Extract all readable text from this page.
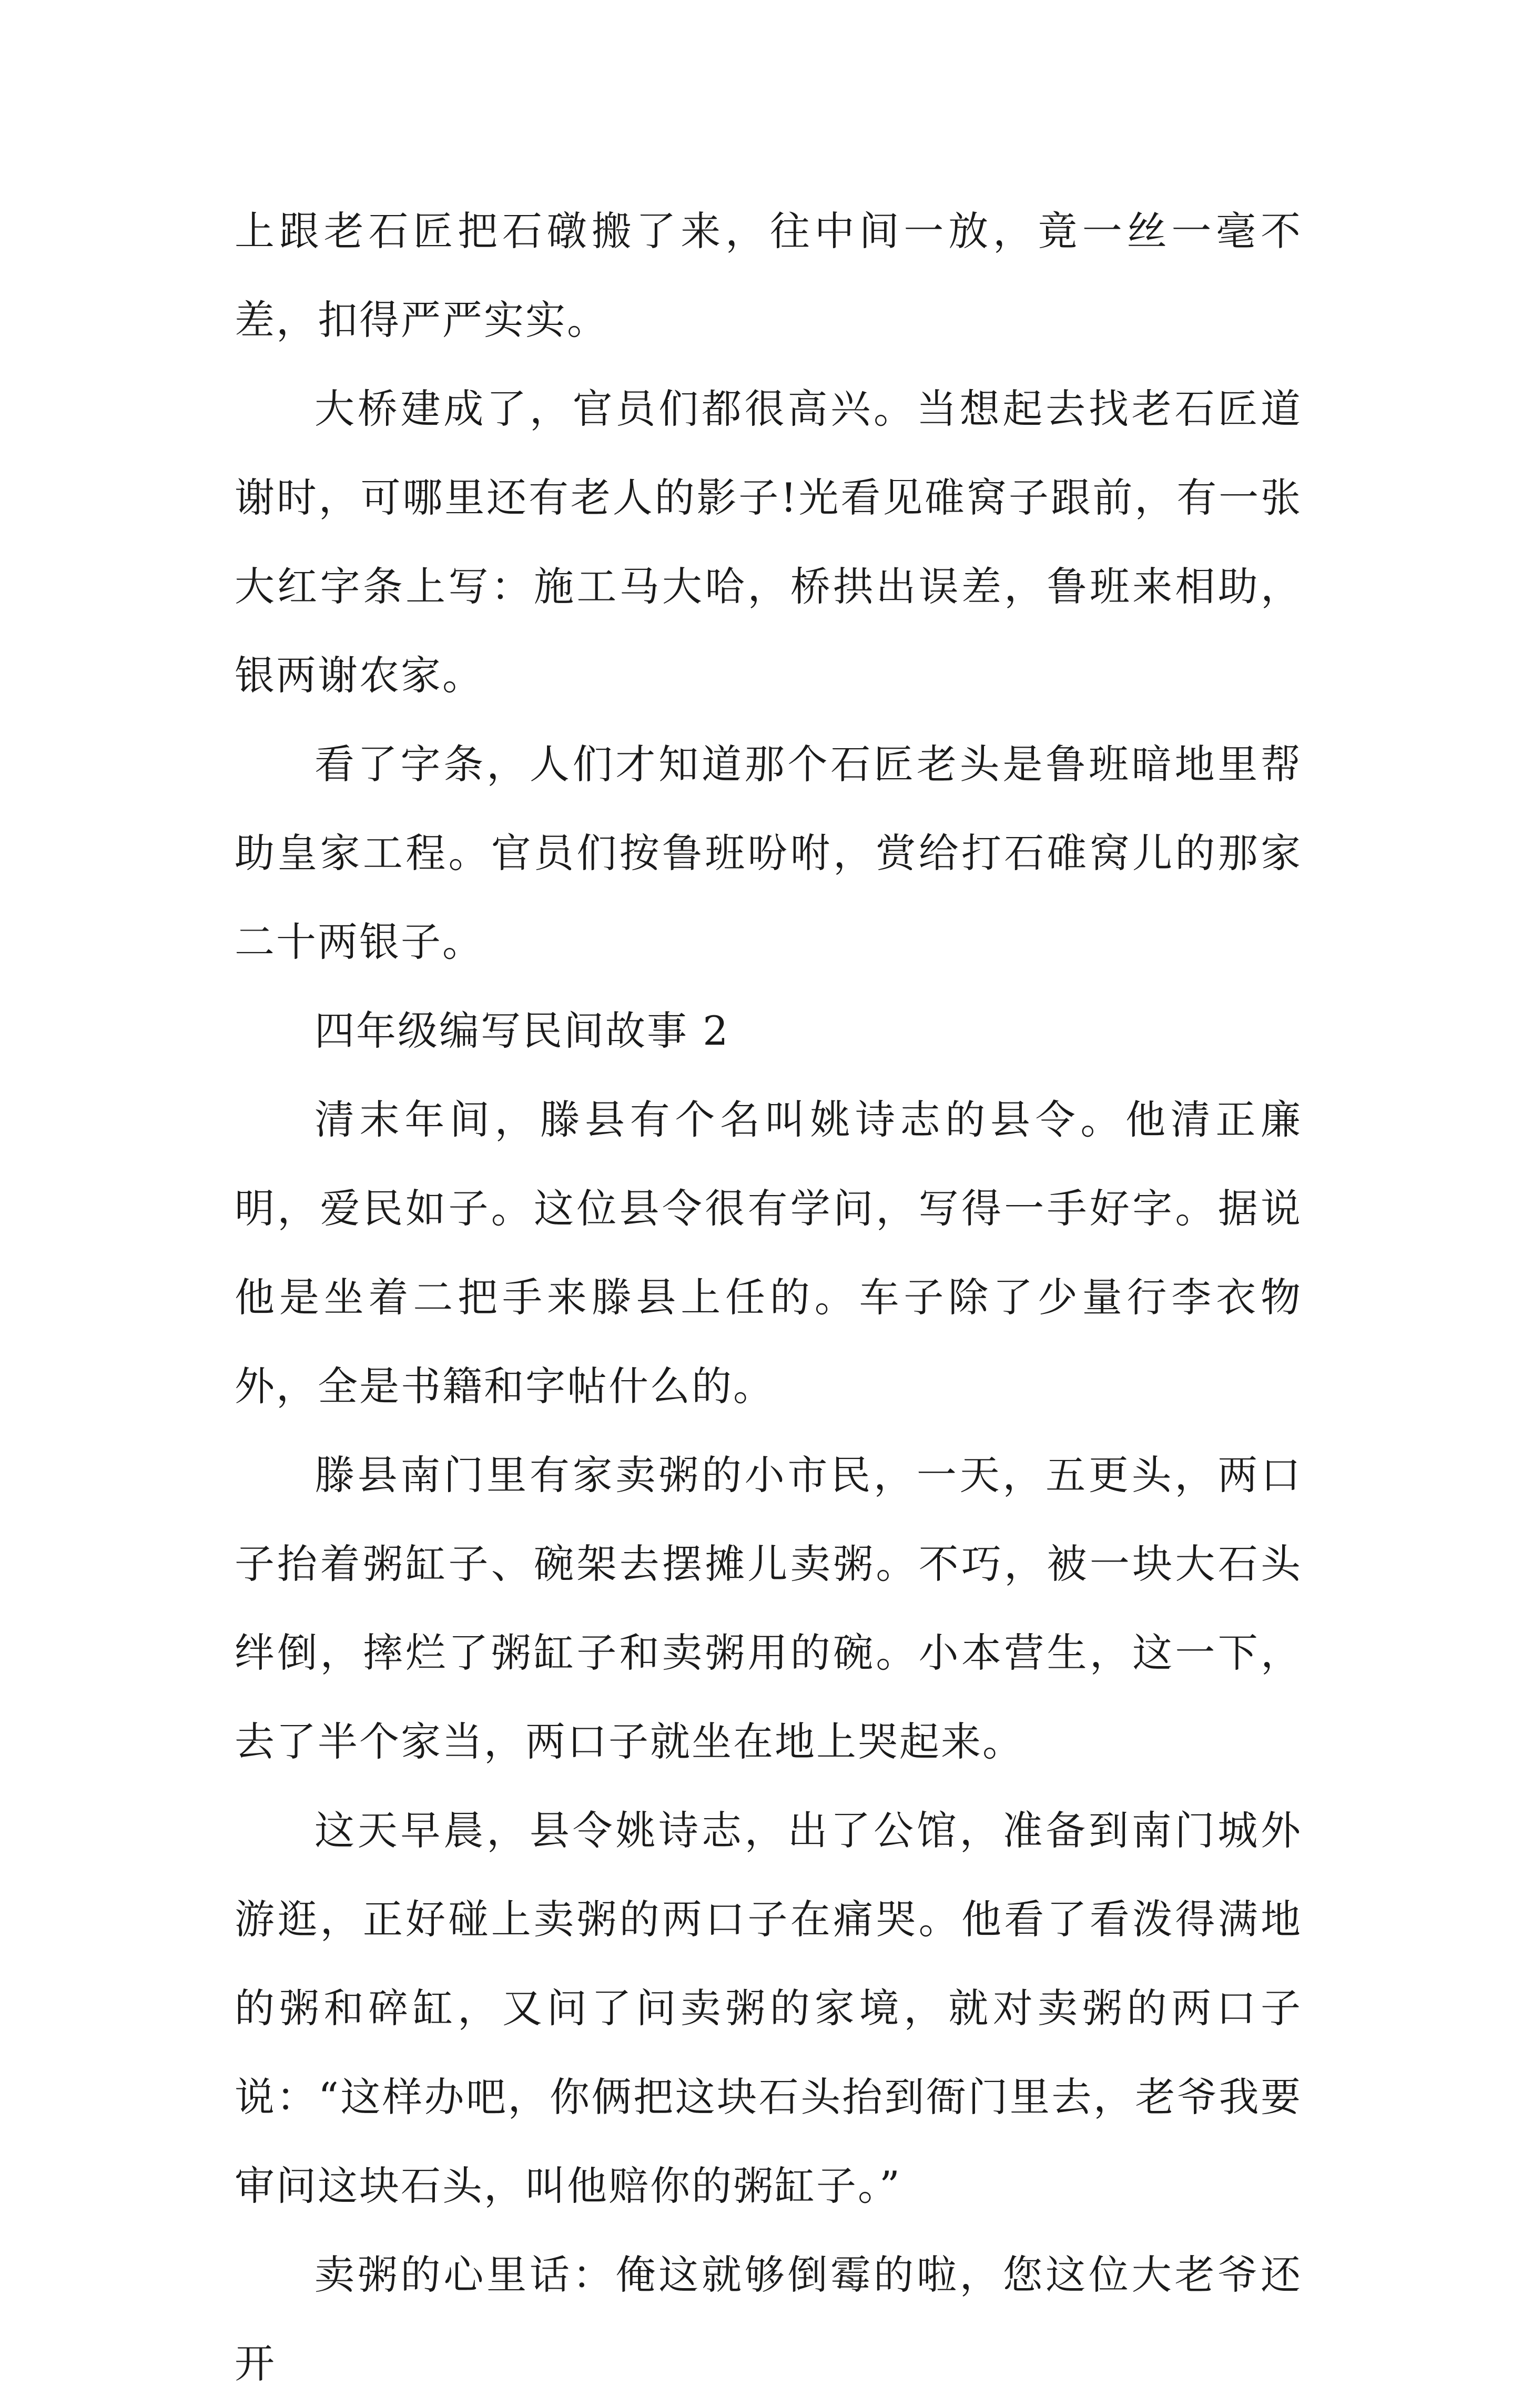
上跟老石匠把石礅搬了来，往中间一放，竟一丝一毫不差，扣得严严实实。

大桥建成了，官员们都很高兴。当想起去找老石匠道谢时，可哪里还有老人的影子!光看见碓窝子跟前，有一张大红字条上写：施工马大哈，桥拱出误差，鲁班来相助，银两谢农家。

看了字条，人们才知道那个石匠老头是鲁班暗地里帮助皇家工程。官员们按鲁班吩咐，赏给打石碓窝儿的那家二十两银子。

四年级编写民间故事 2

清末年间，滕县有个名叫姚诗志的县令。他清正廉明，爱民如子。这位县令很有学问，写得一手好字。据说他是坐着二把手来滕县上任的。车子除了少量行李衣物外，全是书籍和字帖什么的。

滕县南门里有家卖粥的小市民，一天，五更头，两口子抬着粥缸子、碗架去摆摊儿卖粥。不巧，被一块大石头绊倒，摔烂了粥缸子和卖粥用的碗。小本营生，这一下，去了半个家当，两口子就坐在地上哭起来。

这天早晨，县令姚诗志，出了公馆，准备到南门城外游逛，正好碰上卖粥的两口子在痛哭。他看了看泼得满地的粥和碎缸，又问了问卖粥的家境，就对卖粥的两口子说：“这样办吧，你俩把这块石头抬到衙门里去，老爷我要审问这块石头，叫他赔你的粥缸子。”

卖粥的心里话：俺这就够倒霉的啦，您这位大老爷还开
